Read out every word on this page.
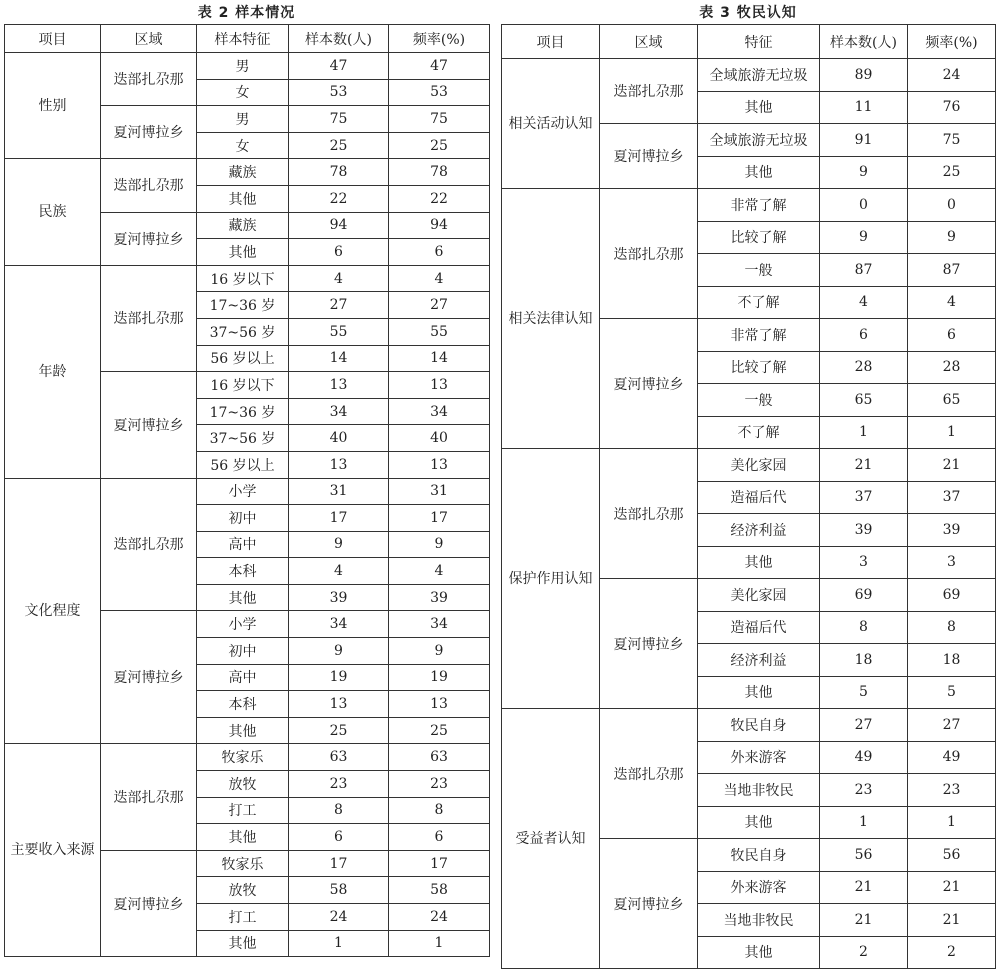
表 2 样本情况
项目	区域	样本特征	样本数(人)	频率(%)
性别	迭部扎尕那	男	47	47
		女	53	53
	夏河博拉乡	男	75	75
		女	25	25
民族	迭部扎尕那	藏族	78	78
		其他	22	22
	夏河博拉乡	藏族	94	94
		其他	6	6
年龄	迭部扎尕那	16 岁以下	4	4
		17~36 岁	27	27
		37~56 岁	55	55
		56 岁以上	14	14
	夏河博拉乡	16 岁以下	13	13
		17~36 岁	34	34
		37~56 岁	40	40
		56 岁以上	13	13
文化程度	迭部扎尕那	小学	31	31
		初中	17	17
		高中	9	9
		本科	4	4
		其他	39	39
	夏河博拉乡	小学	34	34
		初中	9	9
		高中	19	19
		本科	13	13
		其他	25	25
主要收入来源	迭部扎尕那	牧家乐	63	63
		放牧	23	23
		打工	8	8
		其他	6	6
	夏河博拉乡	牧家乐	17	17
		放牧	58	58
		打工	24	24
		其他	1	1
表 3 牧民认知
项目	区域	特征	样本数(人)	频率(%)
相关活动认知	迭部扎尕那	全域旅游无垃圾	89	24
		其他	11	76
	夏河博拉乡	全域旅游无垃圾	91	75
		其他	9	25
相关法律认知	迭部扎尕那	非常了解	0	0
		比较了解	9	9
		一般	87	87
		不了解	4	4
	夏河博拉乡	非常了解	6	6
		比较了解	28	28
		一般	65	65
		不了解	1	1
保护作用认知	迭部扎尕那	美化家园	21	21
		造福后代	37	37
		经济利益	39	39
		其他	3	3
	夏河博拉乡	美化家园	69	69
		造福后代	8	8
		经济利益	18	18
		其他	5	5
受益者认知	迭部扎尕那	牧民自身	27	27
		外来游客	49	49
		当地非牧民	23	23
		其他	1	1
	夏河博拉乡	牧民自身	56	56
		外来游客	21	21
		当地非牧民	21	21
		其他	2	2
